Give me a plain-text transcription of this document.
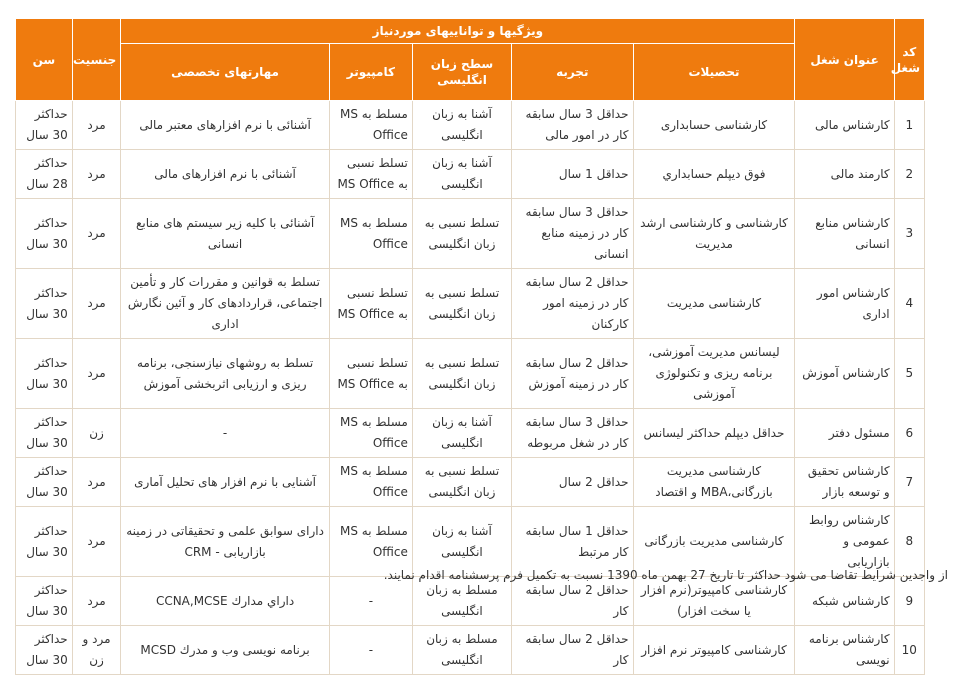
کد شغل	عنوان شغل	ویژگیها و تواناییهای موردنیاز					جنسیت	سن
		تحصیلات	تجربه	سطح زبان انگلیسی	کامپیوتر	مهارتهای تخصصی		
1	کارشناس مالی	کارشناسی حسابداری	حداقل 3 سال سابقه کار در امور مالی	آشنا به زبان انگلیسی	مسلط به MS Office	آشنائی با نرم افزارهای معتبر مالی	مرد	حداکثر 30 سال
2	کارمند مالی	فوق دیپلم حسابداري	حداقل 1 سال	آشنا به زبان انگلیسی	تسلط نسبی به MS Office	آشنائی با نرم افزارهای مالی	مرد	حداکثر 28 سال
3	کارشناس منابع انسانی	کارشناسی و کارشناسی ارشد مدیریت	حداقل 3 سال سابقه کار در زمینه منابع انسانی	تسلط نسبی به زبان انگلیسی	مسلط به MS Office	آشنائی با کلیه زیر سیستم های منابع انسانی	مرد	حداکثر 30 سال
4	کارشناس امور اداری	کارشناسی مدیریت	حداقل 2 سال سابقه کار در زمینه امور کارکنان	تسلط نسبی به زبان انگلیسی	تسلط نسبی به MS Office	تسلط به قوانین و مقررات کار و تأمین اجتماعی، قراردادهای کار و آئین نگارش اداری	مرد	حداکثر 30 سال
5	کارشناس آموزش	لیسانس مدیریت آموزشی، برنامه ریزی و تکنولوژی آموزشی	حداقل 2 سال سابقه کار در زمینه آموزش	تسلط نسبی به زبان انگلیسی	تسلط نسبی به MS Office	تسلط به روشهای نیازسنجی، برنامه ریزی و ارزیابی اثربخشی آموزش	مرد	حداکثر 30 سال
6	مسئول دفتر	حداقل دیپلم حداکثر لیسانس	حداقل 3 سال سابقه کار در شغل مربوطه	آشنا به زبان انگلیسی	مسلط به MS Office	-	زن	حداکثر 30 سال
7	کارشناس تحقیق و توسعه بازار	کارشناسی مدیریت بازرگانی،MBA و اقتصاد	حداقل 2 سال	تسلط نسبی به زبان انگلیسی	مسلط به MS Office	آشنایی با نرم افزار های تحلیل آماری	مرد	حداکثر 30 سال
8	کارشناس روابط عمومی و بازاریابی	کارشناسی مدیریت بازرگانی	حداقل 1 سال سابقه کار مرتبط	آشنا به زبان انگلیسی	مسلط به MS Office	دارای سوابق علمی و تحقیقاتی در زمینه بازاریابی - CRM	مرد	حداکثر 30 سال
9	کارشناس شبکه	کارشناسی کامپیوتر(نرم افزار یا سخت افزار)	حداقل 2 سال سابقه کار	مسلط به زبان انگلیسی	-	داراي مدارك CCNA,MCSE	مرد	حداکثر 30 سال
10	کارشناس برنامه نویسی	کارشناسی کامپیوتر نرم افزار	حداقل 2 سال سابقه کار	مسلط به زبان انگلیسی	-	برنامه نویسی وب و مدرك MCSD	مرد و زن	حداکثر 30 سال
از واجدین شرایط تقاضا می شود حداکثر تا تاریخ 27 بهمن ماه 1390 نسبت به تکمیل فرم پرسشنامه اقدام نمایند.
